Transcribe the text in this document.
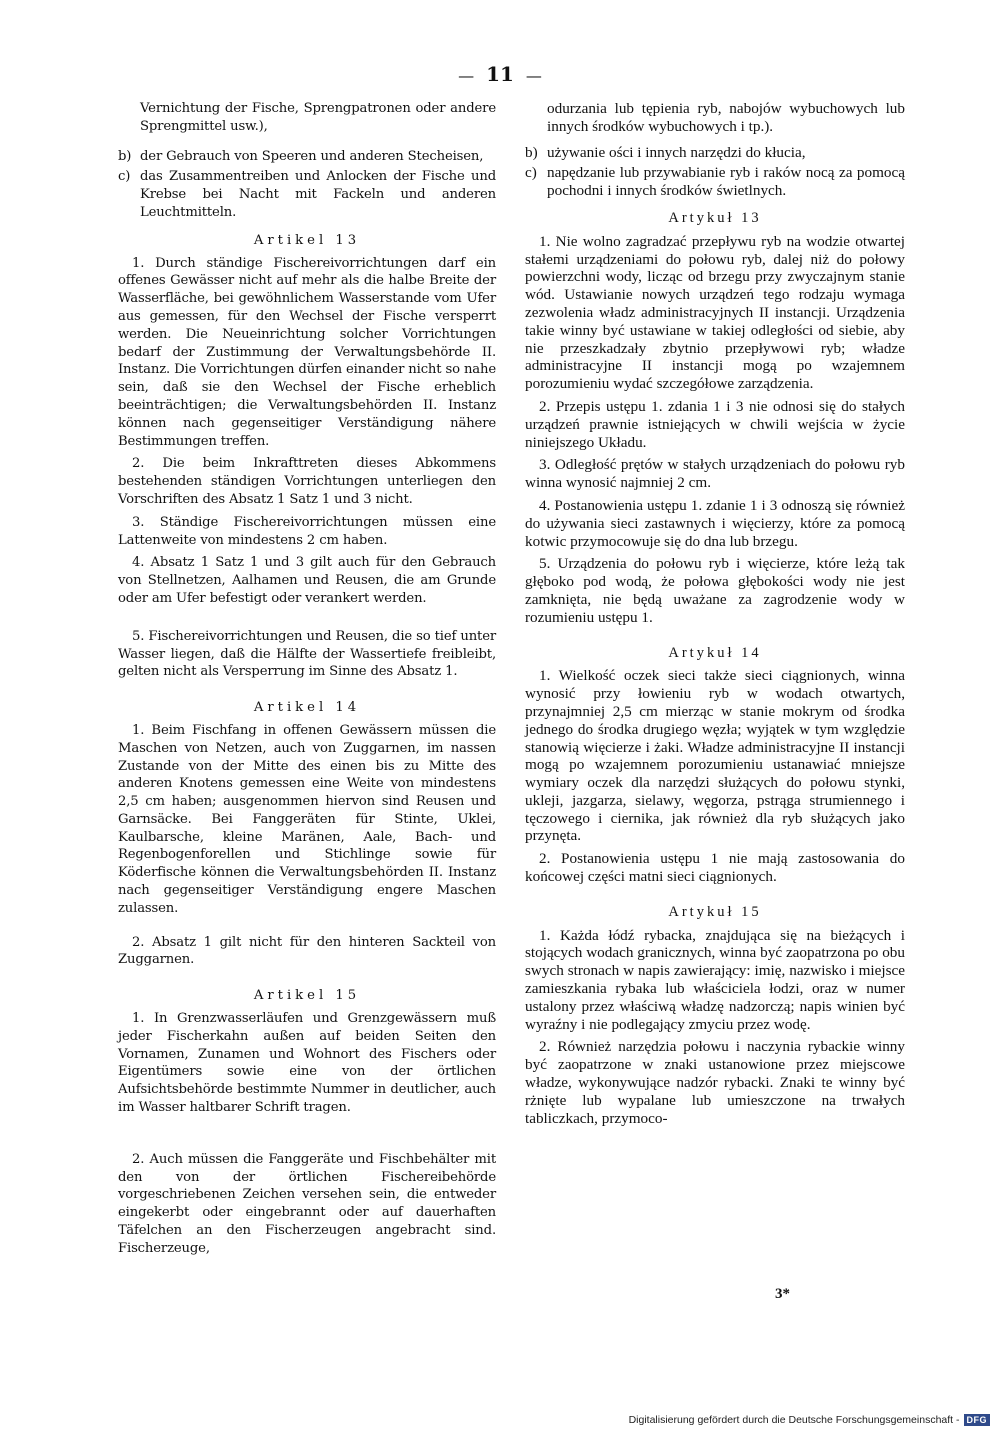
— 11 —

Vernichtung der Fische, Sprengpatronen oder andere Sprengmittel usw.),

b) der Gebrauch von Speeren und anderen Stecheisen,
c) das Zusammentreiben und Anlocken der Fische und Krebse bei Nacht mit Fackeln und anderen Leuchtmitteln.
Artikel 13

1. Durch ständige Fischereivorrichtungen darf ein offenes Gewässer nicht auf mehr als die halbe Breite der Wasserfläche, bei gewöhnlichem Wasserstande vom Ufer aus gemessen, für den Wechsel der Fische versperrt werden. Die Neueinrichtung solcher Vorrichtungen bedarf der Zustimmung der Verwaltungsbehörde II. Instanz. Die Vorrichtungen dürfen einander nicht so nahe sein, daß sie den Wechsel der Fische erheblich beeinträchtigen; die Verwaltungsbehörden II. Instanz können nach gegenseitiger Verständigung nähere Bestimmungen treffen.

2. Die beim Inkrafttreten dieses Abkommens bestehenden ständigen Vorrichtungen unterliegen den Vorschriften des Absatz 1 Satz 1 und 3 nicht.

3. Ständige Fischereivorrichtungen müssen eine Lattenweite von mindestens 2 cm haben.

4. Absatz 1 Satz 1 und 3 gilt auch für den Gebrauch von Stellnetzen, Aalhamen und Reusen, die am Grunde oder am Ufer befestigt oder verankert werden.

5. Fischereivorrichtungen und Reusen, die so tief unter Wasser liegen, daß die Hälfte der Wassertiefe freibleibt, gelten nicht als Versperrung im Sinne des Absatz 1.

Artikel 14

1. Beim Fischfang in offenen Gewässern müssen die Maschen von Netzen, auch von Zuggarnen, im nassen Zustande von der Mitte des einen bis zu Mitte des anderen Knotens gemessen eine Weite von mindestens 2,5 cm haben; ausgenommen hiervon sind Reusen und Garnsäcke. Bei Fanggeräten für Stinte, Uklei, Kaulbarsche, kleine Maränen, Aale, Bach- und Regenbogenforellen und Stichlinge sowie für Köderfische können die Verwaltungsbehörden II. Instanz nach gegenseitiger Verständigung engere Maschen zulassen.

2. Absatz 1 gilt nicht für den hinteren Sackteil von Zuggarnen.

Artikel 15

1. In Grenzwasserläufen und Grenzgewässern muß jeder Fischerkahn außen auf beiden Seiten den Vornamen, Zunamen und Wohnort des Fischers oder Eigentümers sowie eine von der örtlichen Aufsichtsbehörde bestimmte Nummer in deutlicher, auch im Wasser haltbarer Schrift tragen.

2. Auch müssen die Fanggeräte und Fischbehälter mit den von der örtlichen Fischereibehörde vorgeschriebenen Zeichen versehen sein, die entweder eingekerbt oder eingebrannt oder auf dauerhaften Täfelchen an den Fischerzeugen angebracht sind. Fischerzeuge,

odurzania lub tępienia ryb, nabojów wybuchowych lub innych środków wybuchowych i tp.).

b) używanie ości i innych narzędzi do kłucia,
c) napędzanie lub przywabianie ryb i raków nocą za pomocą pochodni i innych środków świetlnych.
Artykuł 13

1. Nie wolno zagradzać przepływu ryb na wodzie otwartej stałemi urządzeniami do połowu ryb, dalej niż do połowy powierzchni wody, licząc od brzegu przy zwyczajnym stanie wód. Ustawianie nowych urządzeń tego rodzaju wymaga zezwolenia władz administracyjnych II instancji. Urządzenia takie winny być ustawiane w takiej odległości od siebie, aby nie przeszkadzały zbytnio przepływowi ryb; władze administracyjne II instancji mogą po wzajemnem porozumieniu wydać szczegółowe zarządzenia.

2. Przepis ustępu 1. zdania 1 i 3 nie odnosi się do stałych urządzeń prawnie istniejących w chwili wejścia w życie niniejszego Układu.

3. Odległość prętów w stałych urządzeniach do połowu ryb winna wynosić najmniej 2 cm.

4. Postanowienia ustępu 1. zdanie 1 i 3 odnoszą się również do używania sieci zastawnych i więcierzy, które za pomocą kotwic przymocowuje się do dna lub brzegu.

5. Urządzenia do połowu ryb i więcierze, które leżą tak głęboko pod wodą, że połowa głębokości wody nie jest zamknięta, nie będą uważane za zagrodzenie wody w rozumieniu ustępu 1.

Artykuł 14

1. Wielkość oczek sieci także sieci ciągnionych, winna wynosić przy łowieniu ryb w wodach otwartych, przynajmniej 2,5 cm mierząc w stanie mokrym od środka jednego do środka drugiego węzła; wyjątek w tym względzie stanowią więcierze i żaki. Władze administracyjne II instancji mogą po wzajemnem porozumieniu ustanawiać mniejsze wymiary oczek dla narzędzi służących do połowu stynki, ukleji, jazgarza, sielawy, węgorza, pstrąga strumiennego i tęczowego i ciernika, jak również dla ryb służących jako przynęta.

2. Postanowienia ustępu 1 nie mają zastosowania do końcowej części matni sieci ciągnionych.

Artykuł 15

1. Każda łódź rybacka, znajdująca się na bieżących i stojących wodach granicznych, winna być zaopatrzona po obu swych stronach w napis zawierający: imię, nazwisko i miejsce zamieszkania rybaka lub właściciela łodzi, oraz w numer ustalony przez właściwą władzę nadzorczą; napis winien być wyraźny i nie podlegający zmyciu przez wodę.

2. Również narzędzia połowu i naczynia rybackie winny być zaopatrzone w znaki ustanowione przez miejscowe władze, wykonywujące nadzór rybacki. Znaki te winny być rżnięte lub wypalane lub umieszczone na trwałych tabliczkach, przymoco-

3*
Digitalisierung gefördert durch die Deutsche Forschungsgemeinschaft - DFG
